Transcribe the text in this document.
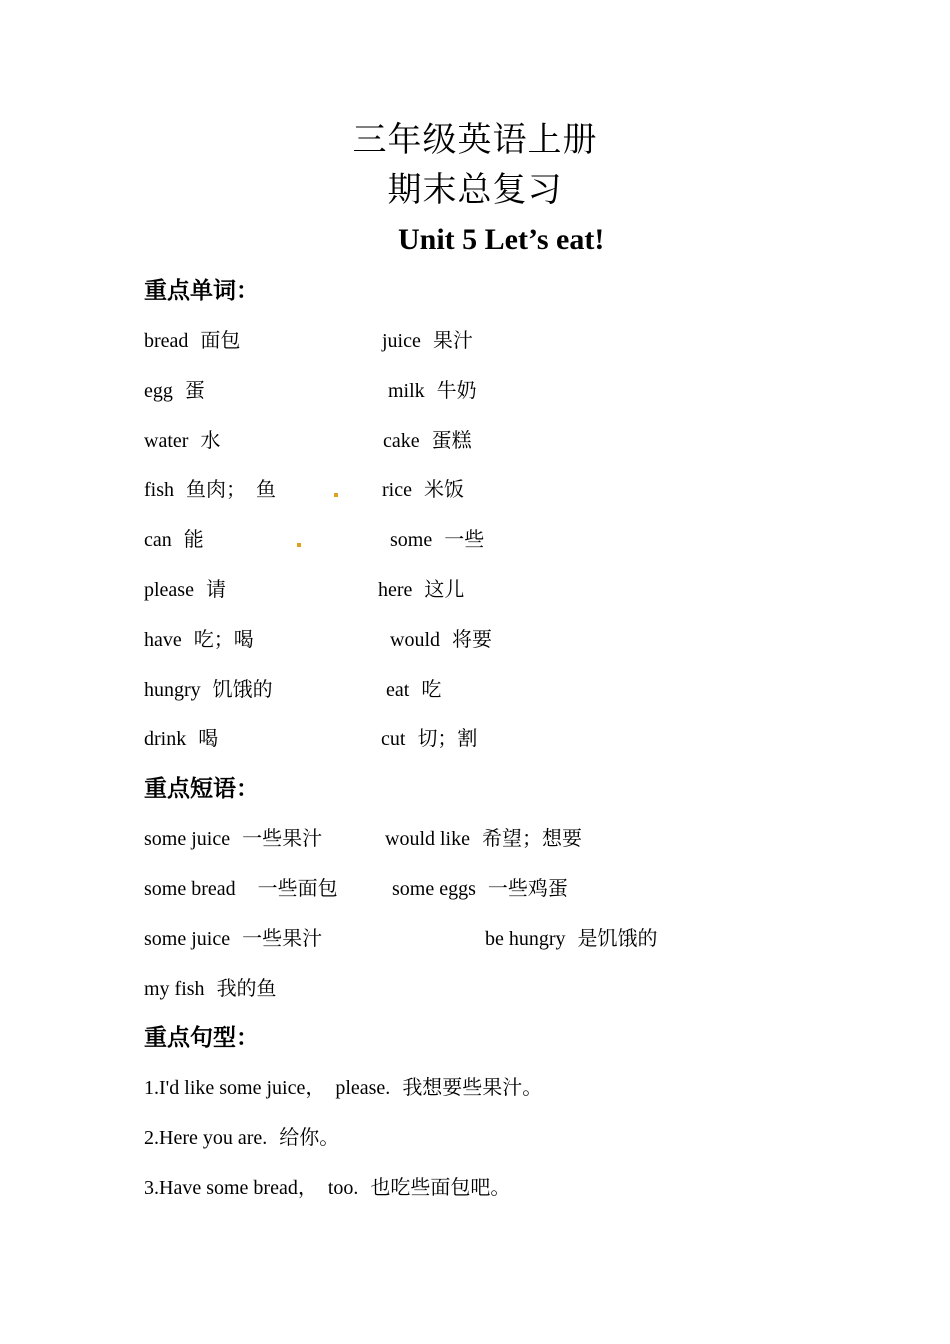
三年级英语上册
期末总复习
Unit 5 Let’s eat!
重点单词：
bread 面包	juice 果汁
egg 蛋	milk 牛奶
water 水	cake 蛋糕
fish 鱼肉；　鱼	rice 米饭
can 能	some 一些
please 请	here 这儿
have 吃；喝	would 将要
hungry 饥饿的	eat 吃
drink 喝	cut 切；割
重点短语：
some juice 一些果汁	would like 希望；想要
some bread 一些面包	some eggs 一些鸡蛋
some juice 一些果汁	be hungry 是饥饿的
my fish 我的鱼
重点句型：
1.I'd like some juice，　please. 我想要些果汁。
2.Here you are. 给你。
3.Have some bread，　too. 也吃些面包吧。
